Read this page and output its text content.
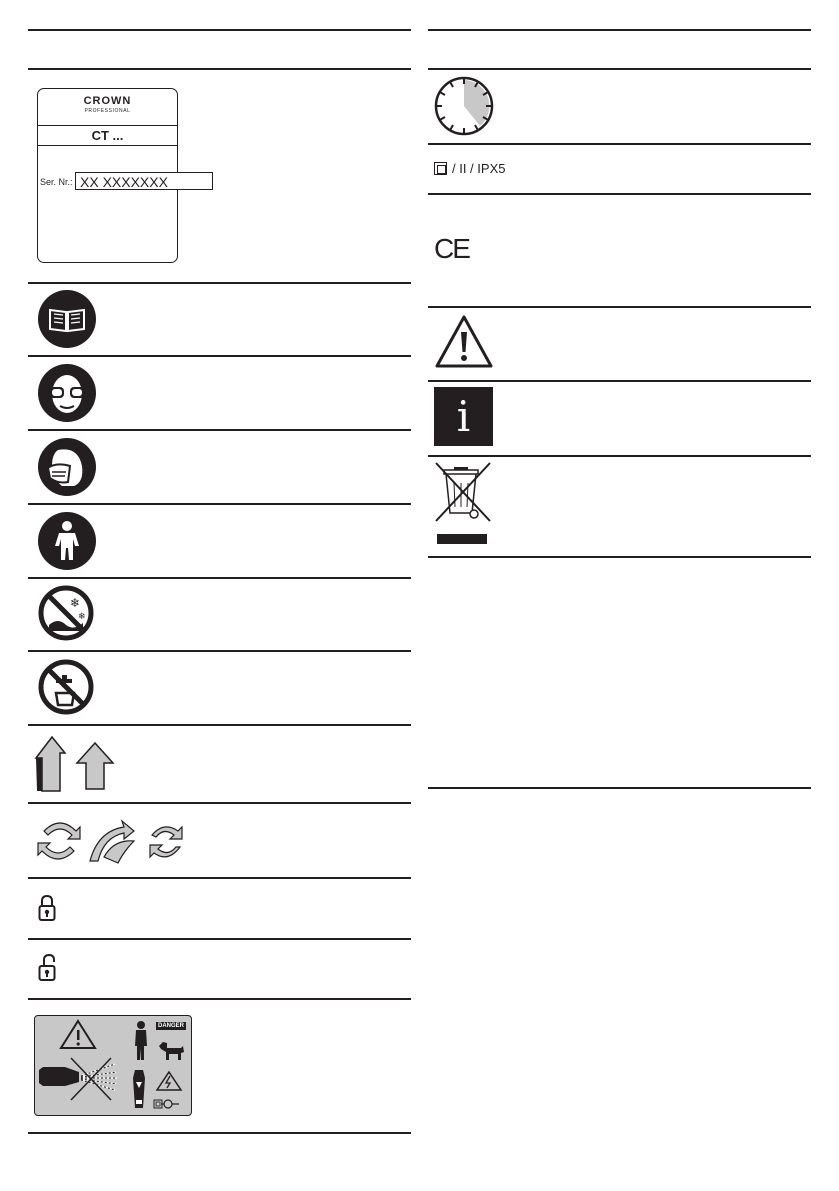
CROWN
PROFESSIONAL
CT ...
Ser. Nr.: XX XXXXXXX
❄
❄
DANGER
/ II / IPX5
CE
i
